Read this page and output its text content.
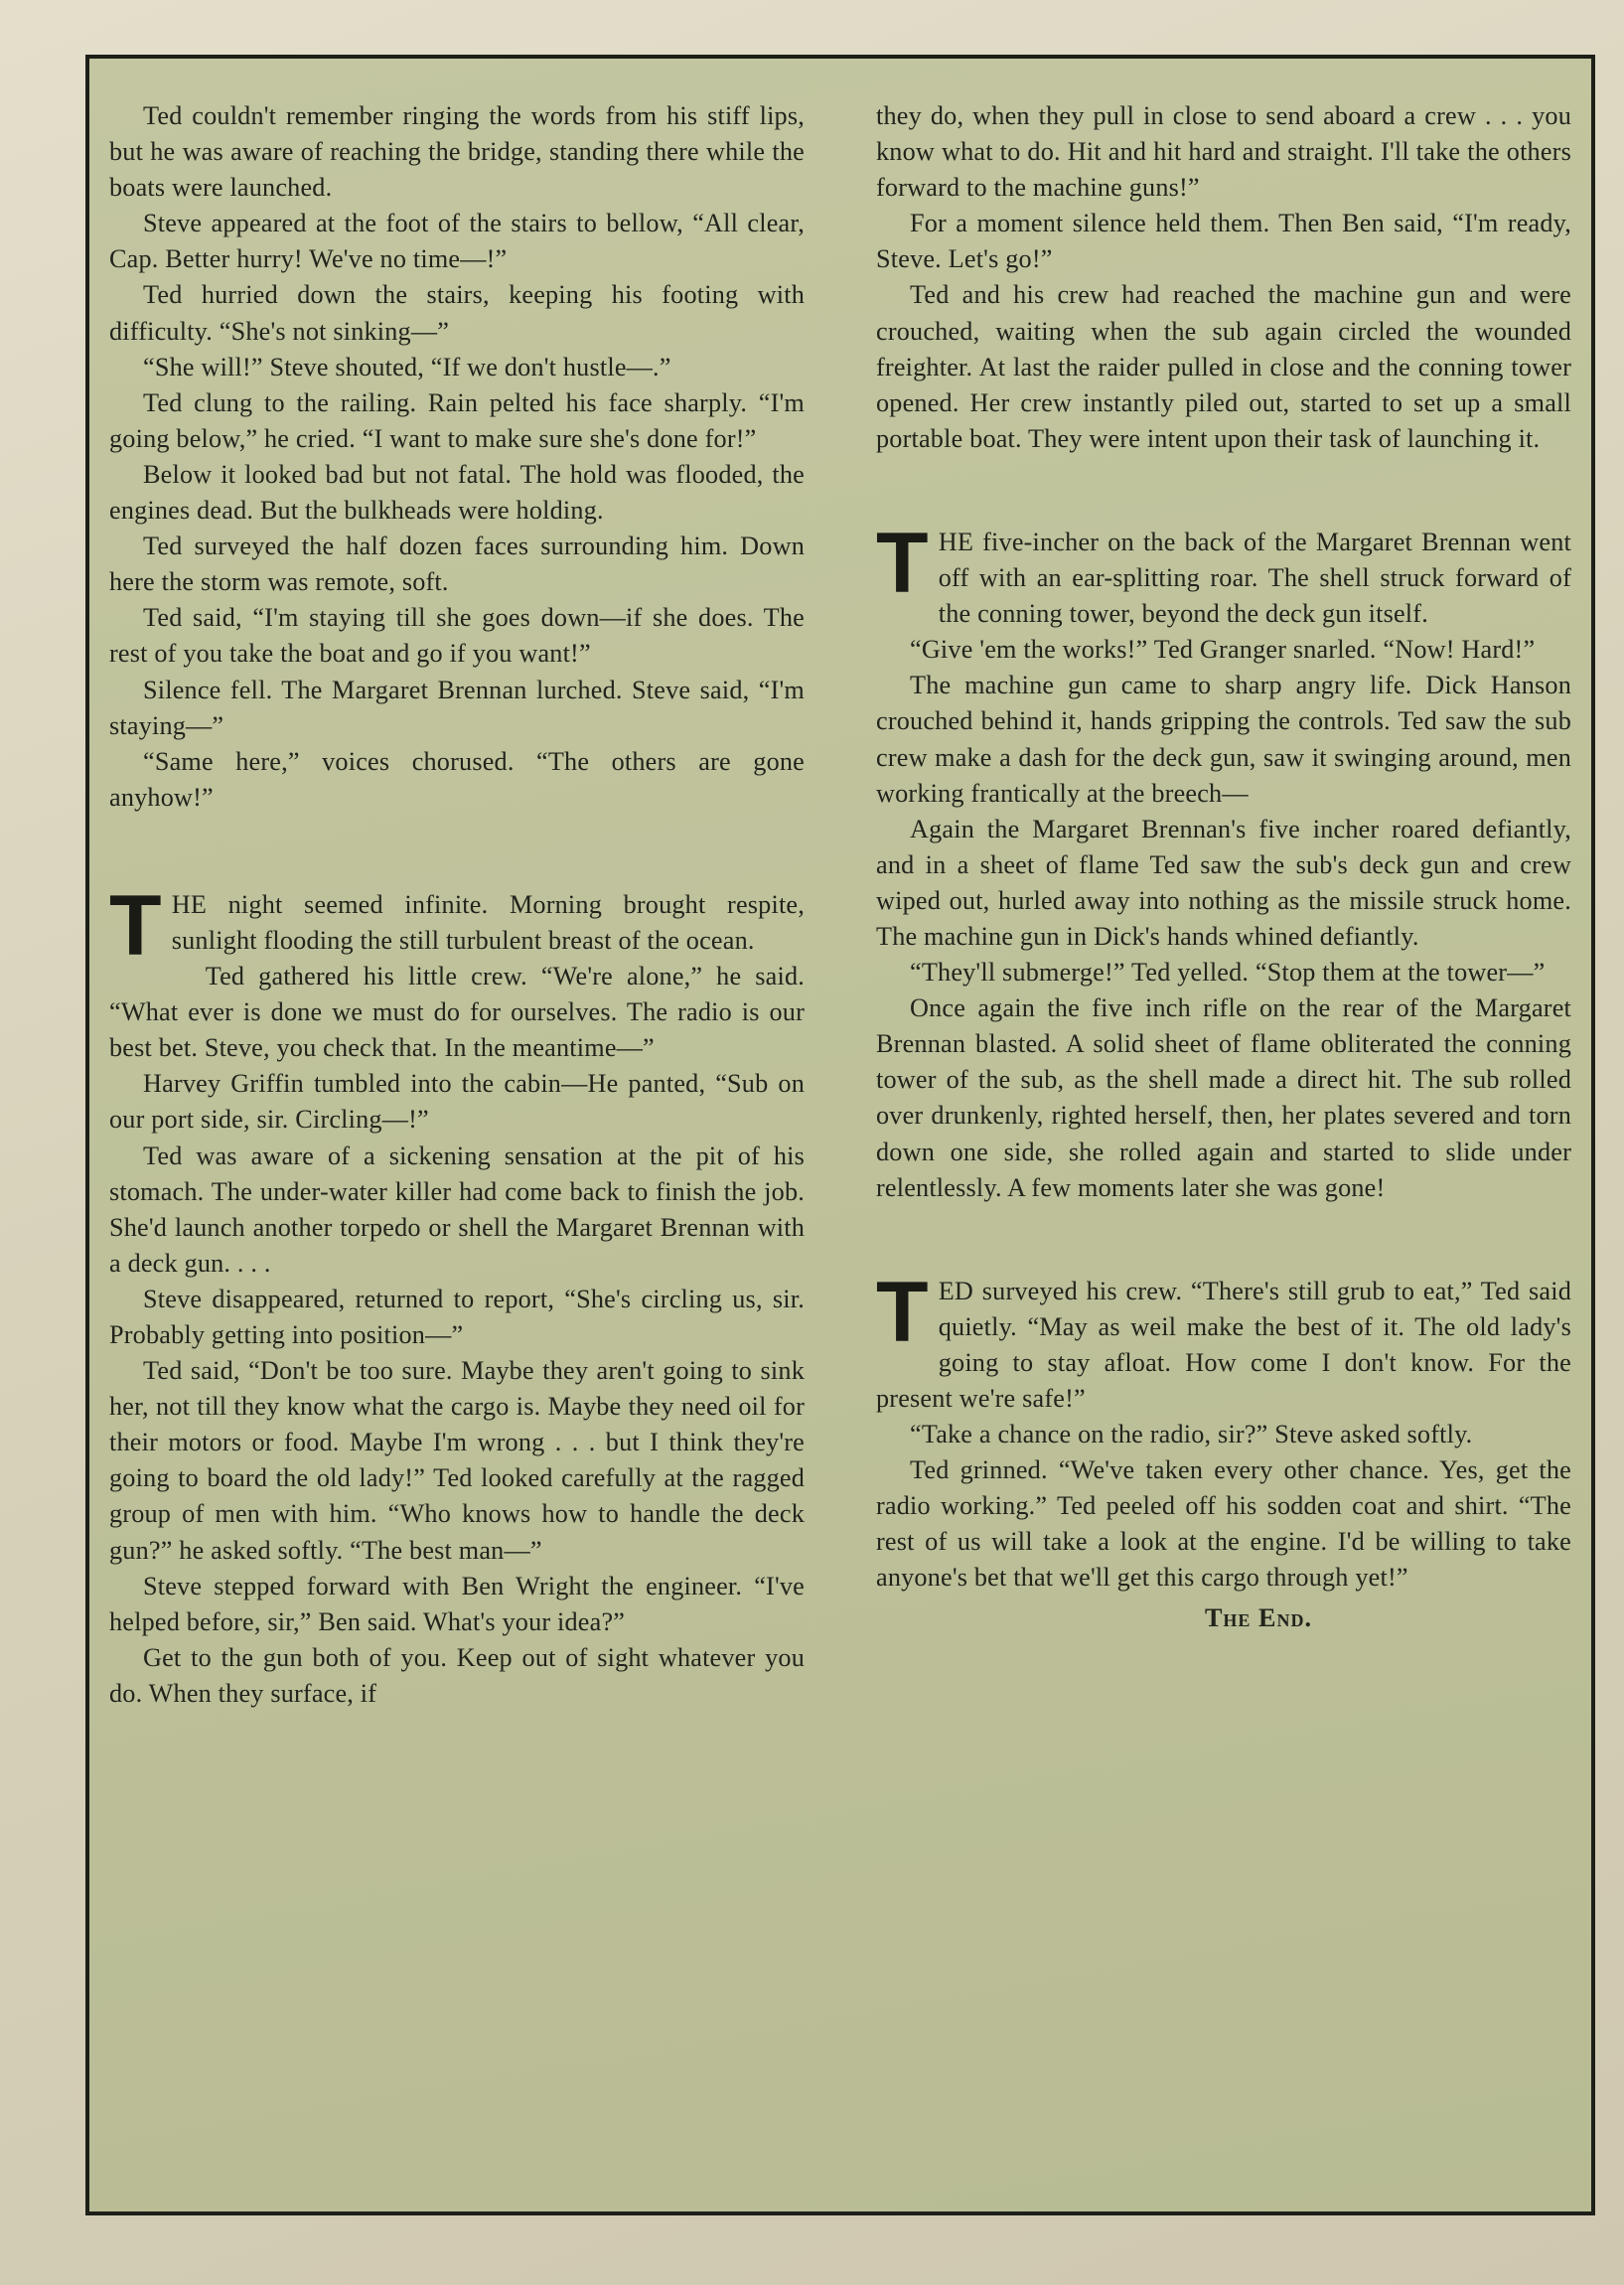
Ted couldn't remember ringing the words from his stiff lips, but he was aware of reaching the bridge, standing there while the boats were launched.

Steve appeared at the foot of the stairs to bellow, “All clear, Cap. Better hurry! We've no time—!”

Ted hurried down the stairs, keeping his footing with difficulty. “She's not sinking—”

“She will!” Steve shouted, “If we don't hustle—.”

Ted clung to the railing. Rain pelted his face sharply. “I'm going below,” he cried. “I want to make sure she's done for!”

Below it looked bad but not fatal. The hold was flooded, the engines dead. But the bulkheads were holding.

Ted surveyed the half dozen faces surrounding him. Down here the storm was remote, soft.

Ted said, “I'm staying till she goes down—if she does. The rest of you take the boat and go if you want!”

Silence fell. The Margaret Brennan lurched. Steve said, “I'm staying—”

“Same here,” voices chorused. “The others are gone anyhow!”

T HE night seemed infinite. Morning brought respite, sunlight flooding the still turbulent breast of the ocean.

Ted gathered his little crew. “We're alone,” he said. “What ever is done we must do for ourselves. The radio is our best bet. Steve, you check that. In the meantime—”

Harvey Griffin tumbled into the cabin—He panted, “Sub on our port side, sir. Circling—!”

Ted was aware of a sickening sensation at the pit of his stomach. The under-water killer had come back to finish the job. She'd launch another torpedo or shell the Margaret Brennan with a deck gun. . . .

Steve disappeared, returned to report, “She's circling us, sir. Probably getting into position—”

Ted said, “Don't be too sure. Maybe they aren't going to sink her, not till they know what the cargo is. Maybe they need oil for their motors or food. Maybe I'm wrong . . . but I think they're going to board the old lady!” Ted looked carefully at the ragged group of men with him. “Who knows how to handle the deck gun?” he asked softly. “The best man—”

Steve stepped forward with Ben Wright the engineer. “I've helped before, sir,” Ben said. What's your idea?”

Get to the gun both of you. Keep out of sight whatever you do. When they surface, if

they do, when they pull in close to send aboard a crew . . . you know what to do. Hit and hit hard and straight. I'll take the others forward to the machine guns!”

For a moment silence held them. Then Ben said, “I'm ready, Steve. Let's go!”

Ted and his crew had reached the machine gun and were crouched, waiting when the sub again circled the wounded freighter. At last the raider pulled in close and the conning tower opened. Her crew instantly piled out, started to set up a small portable boat. They were intent upon their task of launching it.

T HE five-incher on the back of the Margaret Brennan went off with an ear-splitting roar. The shell struck forward of the conning tower, beyond the deck gun itself.

“Give 'em the works!” Ted Granger snarled. “Now! Hard!”

The machine gun came to sharp angry life. Dick Hanson crouched behind it, hands gripping the controls. Ted saw the sub crew make a dash for the deck gun, saw it swinging around, men working frantically at the breech—

Again the Margaret Brennan's five incher roared defiantly, and in a sheet of flame Ted saw the sub's deck gun and crew wiped out, hurled away into nothing as the missile struck home. The machine gun in Dick's hands whined defiantly.

“They'll submerge!” Ted yelled. “Stop them at the tower—”

Once again the five inch rifle on the rear of the Margaret Brennan blasted. A solid sheet of flame obliterated the conning tower of the sub, as the shell made a direct hit. The sub rolled over drunkenly, righted herself, then, her plates severed and torn down one side, she rolled again and started to slide under relentlessly. A few moments later she was gone!

T ED surveyed his crew. “There's still grub to eat,” Ted said quietly. “May as weil make the best of it. The old lady's going to stay afloat. How come I don't know. For the present we're safe!”

“Take a chance on the radio, sir?” Steve asked softly.

Ted grinned. “We've taken every other chance. Yes, get the radio working.” Ted peeled off his sodden coat and shirt. “The rest of us will take a look at the engine. I'd be willing to take anyone's bet that we'll get this cargo through yet!”

The End.
